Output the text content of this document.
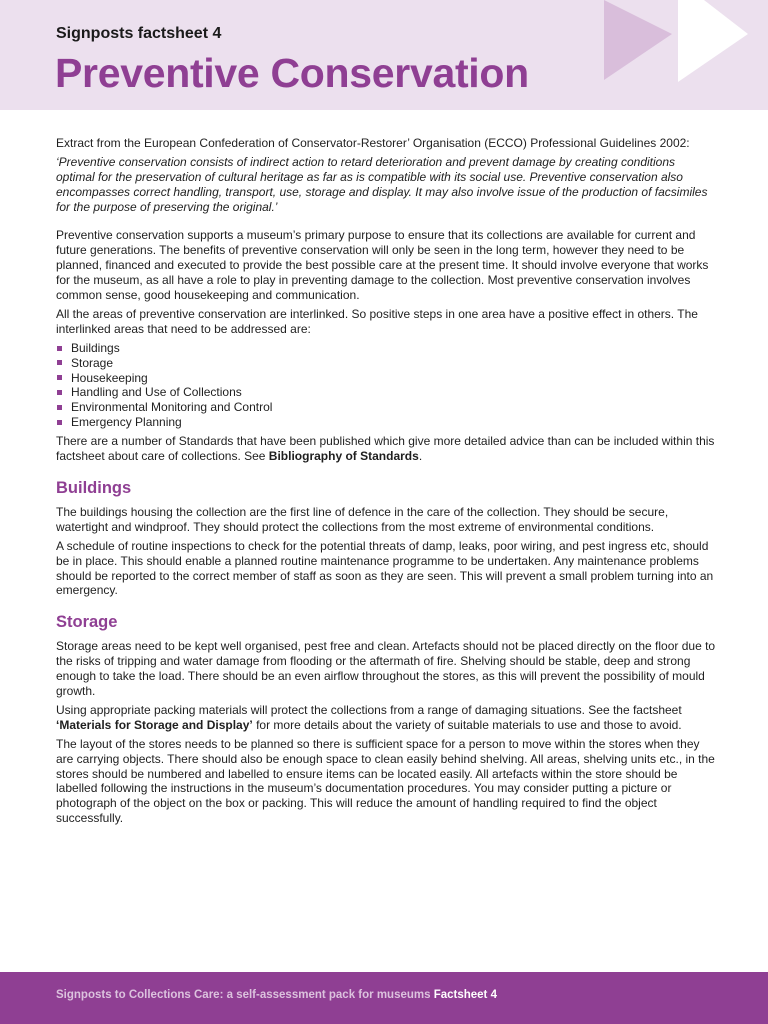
Signposts factsheet 4
Preventive Conservation

Extract from the European Confederation of Conservator-Restorer’ Organisation (ECCO) Professional Guidelines 2002:

‘Preventive conservation consists of indirect action to retard deterioration and prevent damage by creating conditions optimal for the preservation of cultural heritage as far as is compatible with its social use. Preventive conservation also encompasses correct handling, transport, use, storage and display. It may also involve issue of the production of facsimiles for the purpose of preserving the original.’

Preventive conservation supports a museum’s primary purpose to ensure that its collections are available for current and future generations. The benefits of preventive conservation will only be seen in the long term, however they need to be planned, financed and executed to provide the best possible care at the present time. It should involve everyone that works for the museum, as all have a role to play in preventing damage to the collection. Most preventive conservation involves common sense, good housekeeping and communication.

All the areas of preventive conservation are interlinked. So positive steps in one area have a positive effect in others. The interlinked areas that need to be addressed are:

Buildings
Storage
Housekeeping
Handling and Use of Collections
Environmental Monitoring and Control
Emergency Planning

There are a number of Standards that have been published which give more detailed advice than can be included within this factsheet about care of collections. See Bibliography of Standards.

Buildings

The buildings housing the collection are the first line of defence in the care of the collection. They should be secure, watertight and windproof. They should protect the collections from the most extreme of environmental conditions.

A schedule of routine inspections to check for the potential threats of damp, leaks, poor wiring, and pest ingress etc, should be in place. This should enable a planned routine maintenance programme to be undertaken. Any maintenance problems should be reported to the correct member of staff as soon as they are seen. This will prevent a small problem turning into an emergency.

Storage

Storage areas need to be kept well organised, pest free and clean. Artefacts should not be placed directly on the floor due to the risks of tripping and water damage from flooding or the aftermath of fire. Shelving should be stable, deep and strong enough to take the load. There should be an even airflow throughout the stores, as this will prevent the possibility of mould growth.

Using appropriate packing materials will protect the collections from a range of damaging situations. See the factsheet ‘Materials for Storage and Display’ for more details about the variety of suitable materials to use and those to avoid.

The layout of the stores needs to be planned so there is sufficient space for a person to move within the stores when they are carrying objects. There should also be enough space to clean easily behind shelving. All areas, shelving units etc., in the stores should be numbered and labelled to ensure items can be located easily. All artefacts within the store should be labelled following the instructions in the museum’s documentation procedures. You may consider putting a picture or photograph of the object on the box or packing. This will reduce the amount of handling required to find the object successfully.

Signposts to Collections Care: a self-assessment pack for museums Factsheet 4
